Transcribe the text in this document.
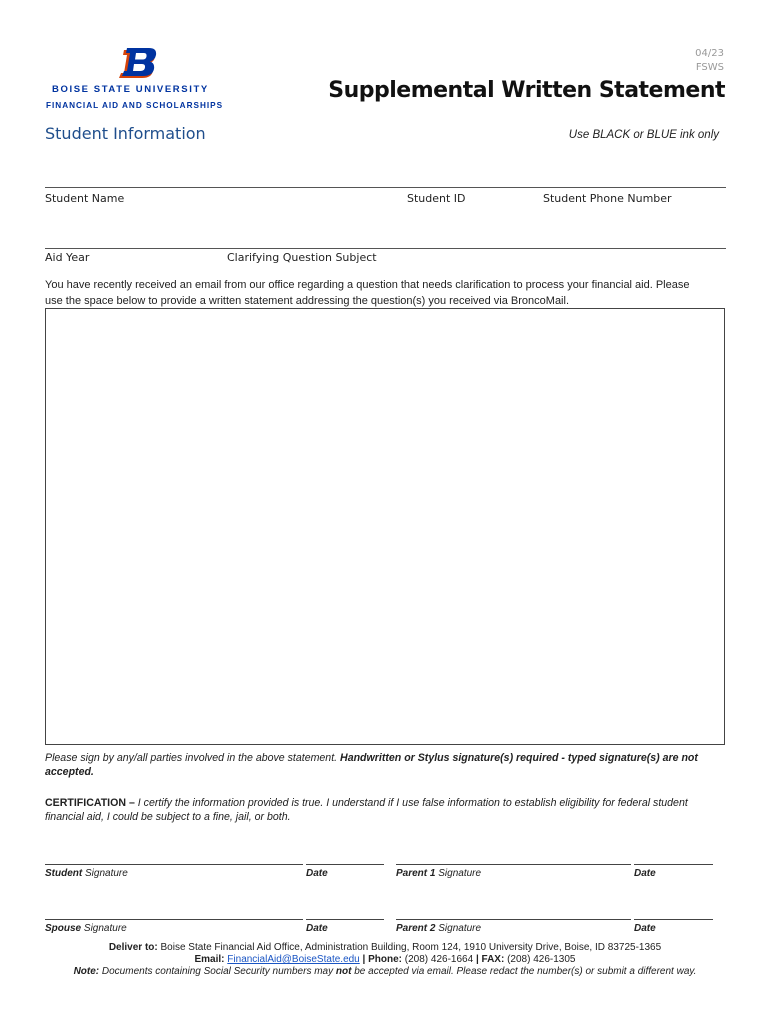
BOISE STATE UNIVERSITY
FINANCIAL AID AND SCHOLARSHIPS
04/23
FSWS
Supplemental Written Statement
Student Information	Use BLACK or BLUE ink only
Student Name	Student ID	Student Phone Number
Aid Year	Clarifying Question Subject
You have recently received an email from our office regarding a question that needs clarification to process your financial aid. Please
use the space below to provide a written statement addressing the question(s) you received via BroncoMail.
Please sign by any/all parties involved in the above statement. Handwritten or Stylus signature(s) required - typed signature(s) are not accepted.
CERTIFICATION – I certify the information provided is true. I understand if I use false information to establish eligibility for federal student financial aid, I could be subject to a fine, jail, or both.
Student Signature	Date	Parent 1 Signature	Date
Spouse Signature	Date	Parent 2 Signature	Date
Deliver to: Boise State Financial Aid Office, Administration Building, Room 124, 1910 University Drive, Boise, ID 83725-1365
Email: FinancialAid@BoiseState.edu | Phone: (208) 426-1664 | FAX: (208) 426-1305
Note: Documents containing Social Security numbers may not be accepted via email. Please redact the number(s) or submit a different way.
